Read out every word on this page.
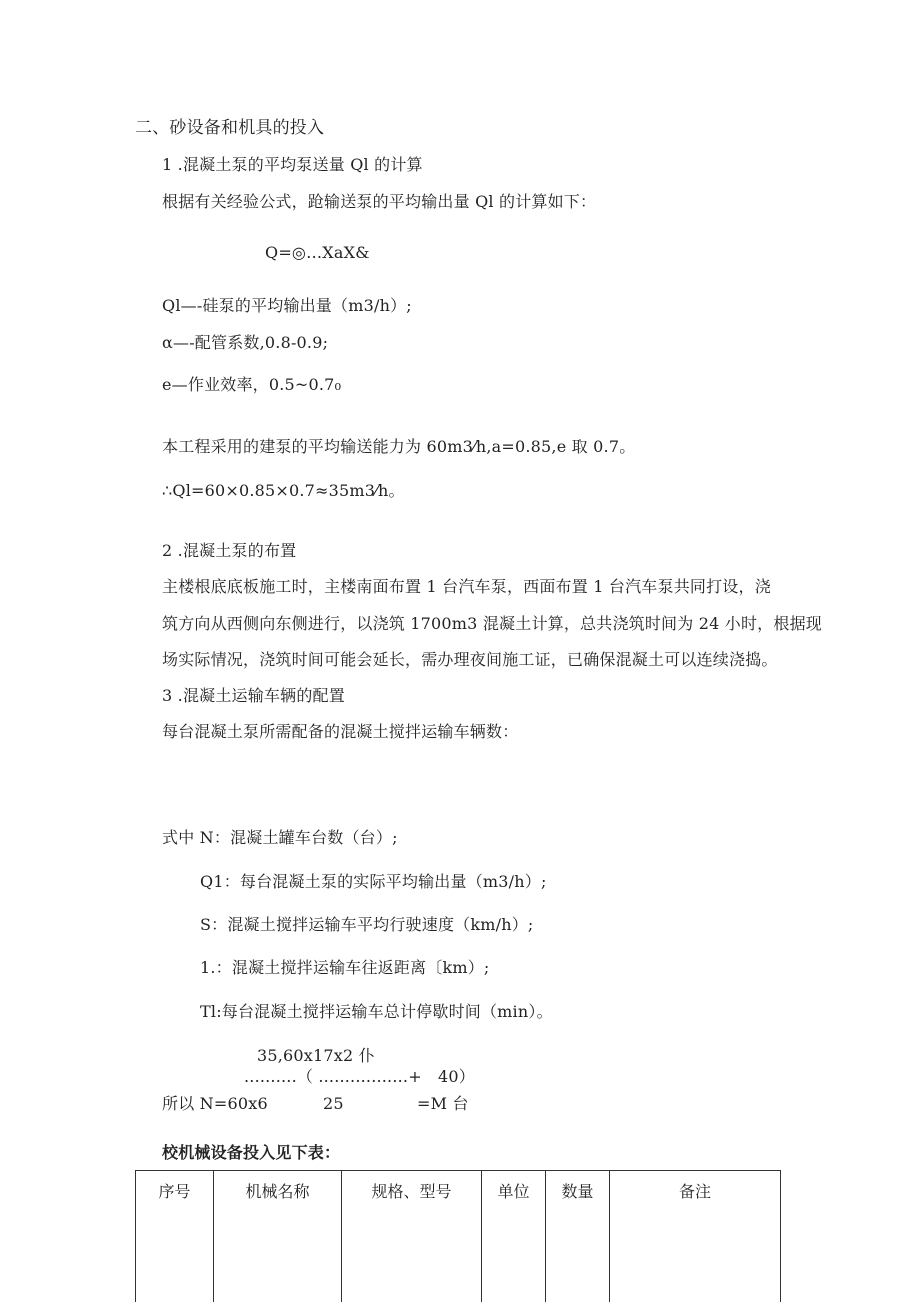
二、砂设备和机具的投入
1 .混凝土泵的平均泵送量 Ql 的计算
根据有关经验公式，跄输送泵的平均输出量 Ql 的计算如下：
Q=◎…XaX&
Ql—-硅泵的平均输出量（m3/h）;
α—-配管系数,0.8-0.9;
e—作业效率，0.5~0.7₀
本工程采用的建泵的平均输送能力为 60m3⁄h,a=0.85,e 取 0.7。
∴Ql=60×0.85×0.7≈35m3⁄h。
2 .混凝土泵的布置
主楼根底底板施工时，主楼南面布置 1 台汽车泵，西面布置 1 台汽车泵共同打设，浇
筑方向从西侧向东侧进行，以浇筑 1700m3 混凝土计算，总共浇筑时间为 24 小时，根据现
场实际情况，浇筑时间可能会延长，需办理夜间施工证，已确保混凝土可以连续浇捣。
3 .混凝土运输车辆的配置
每台混凝土泵所需配备的混凝土搅拌运输车辆数：
式中 N：混凝土罐车台数（台）;
Q1：每台混凝土泵的实际平均输出量（m3/h）;
S：混凝土搅拌运输车平均行驶速度（km/h）;
1.：混凝土搅拌运输车往返距离〔km）;
Tl:每台混凝土搅拌运输车总计停歇时间（min）。
35,60x17x2 仆
..........（ .................+　40）
所以 N=60x6	25	=M 台
校机械设备投入见下表：
序号	机械名称	规格、型号	单位	数量	备注
